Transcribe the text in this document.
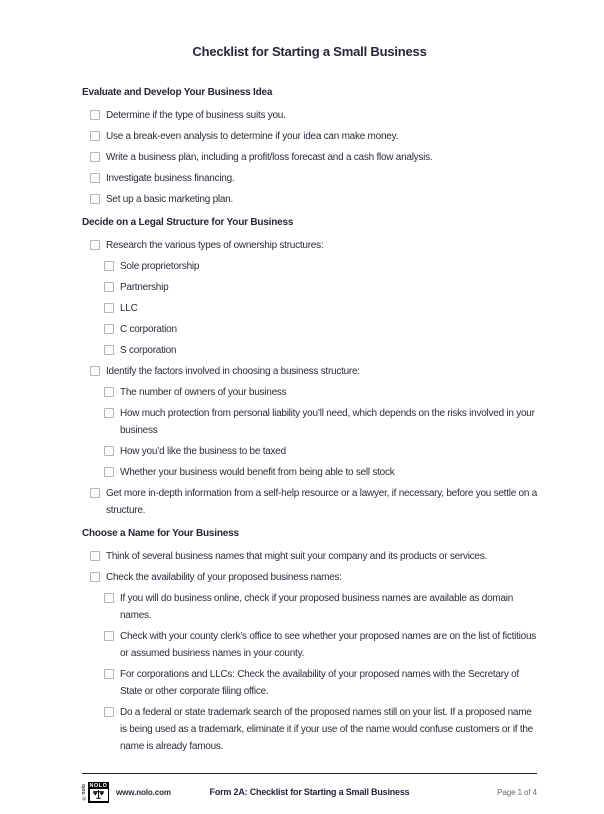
Checklist for Starting a Small Business
Evaluate and Develop Your Business Idea
Determine if the type of business suits you.
Use a break-even analysis to determine if your idea can make money.
Write a business plan, including a profit/loss forecast and a cash flow analysis.
Investigate business financing.
Set up a basic marketing plan.
Decide on a Legal Structure for Your Business
Research the various types of ownership structures:
Sole proprietorship
Partnership
LLC
C corporation
S corporation
Identify the factors involved in choosing a business structure:
The number of owners of your business
How much protection from personal liability you’ll need, which depends on the risks involved in your business
How you’d like the business to be taxed
Whether your business would benefit from being able to sell stock
Get more in-depth information from a self-help resource or a lawyer, if necessary, before you settle on a structure.
Choose a Name for Your Business
Think of several business names that might suit your company and its products or services.
Check the availability of your proposed business names:
If you will do business online, check if your proposed business names are available as domain names.
Check with your county clerk’s office to see whether your proposed names are on the list of fictitious or assumed business names in your county.
For corporations and LLCs: Check the availability of your proposed names with the Secretary of State or other corporate filing office.
Do a federal or state trademark search of the proposed names still on your list. If a proposed name is being used as a trademark, eliminate it if your use of the name would confuse customers or if the name is already famous.
©nolo NOLO
www.nolo.com	Form 2A: Checklist for Starting a Small Business	Page 1 of 4
